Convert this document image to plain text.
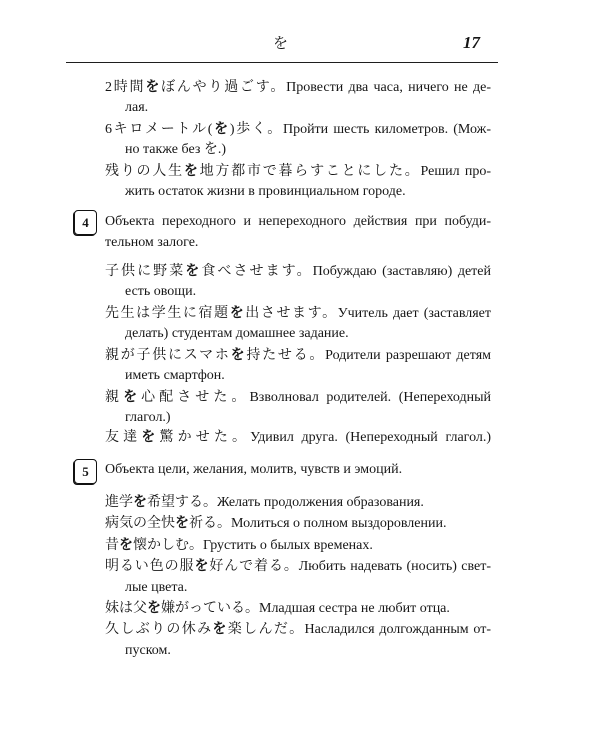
を	17
2時間をぼんやり過ごす。Провести два часа, ничего не де-
лая.
6キロメートル(を)歩く。Пройти шесть километров. (Мож-
но также без を.)
残りの人生を地方都市で暮らすことにした。Решил про-
жить остаток жизни в провинциальном городе.
4	Объекта переходного и непереходного действия при побуди-
тельном залоге.
子供に野菜を食べさせます。Побуждаю (заставляю) детей
есть овощи.
先生は学生に宿題を出させます。Учитель дает (заставляет
делать) студентам домашнее задание.
親が子供にスマホを持たせる。Родители разрешают детям
иметь смартфон.
親を心配させた。Взволновал родителей. (Непереходный
глагол.)
友達を驚かせた。Удивил друга. (Непереходный глагол.)
5	Объекта цели, желания, молитв, чувств и эмоций.
進学を希望する。Желать продолжения образования.
病気の全快を祈る。Молиться о полном выздоровлении.
昔を懐かしむ。Грустить о былых временах.
明るい色の服を好んで着る。Любить надевать (носить) свет-
лые цвета.
妹は父を嫌がっている。Младшая сестра не любит отца.
久しぶりの休みを楽しんだ。Насладился долгожданным от-
пуском.
